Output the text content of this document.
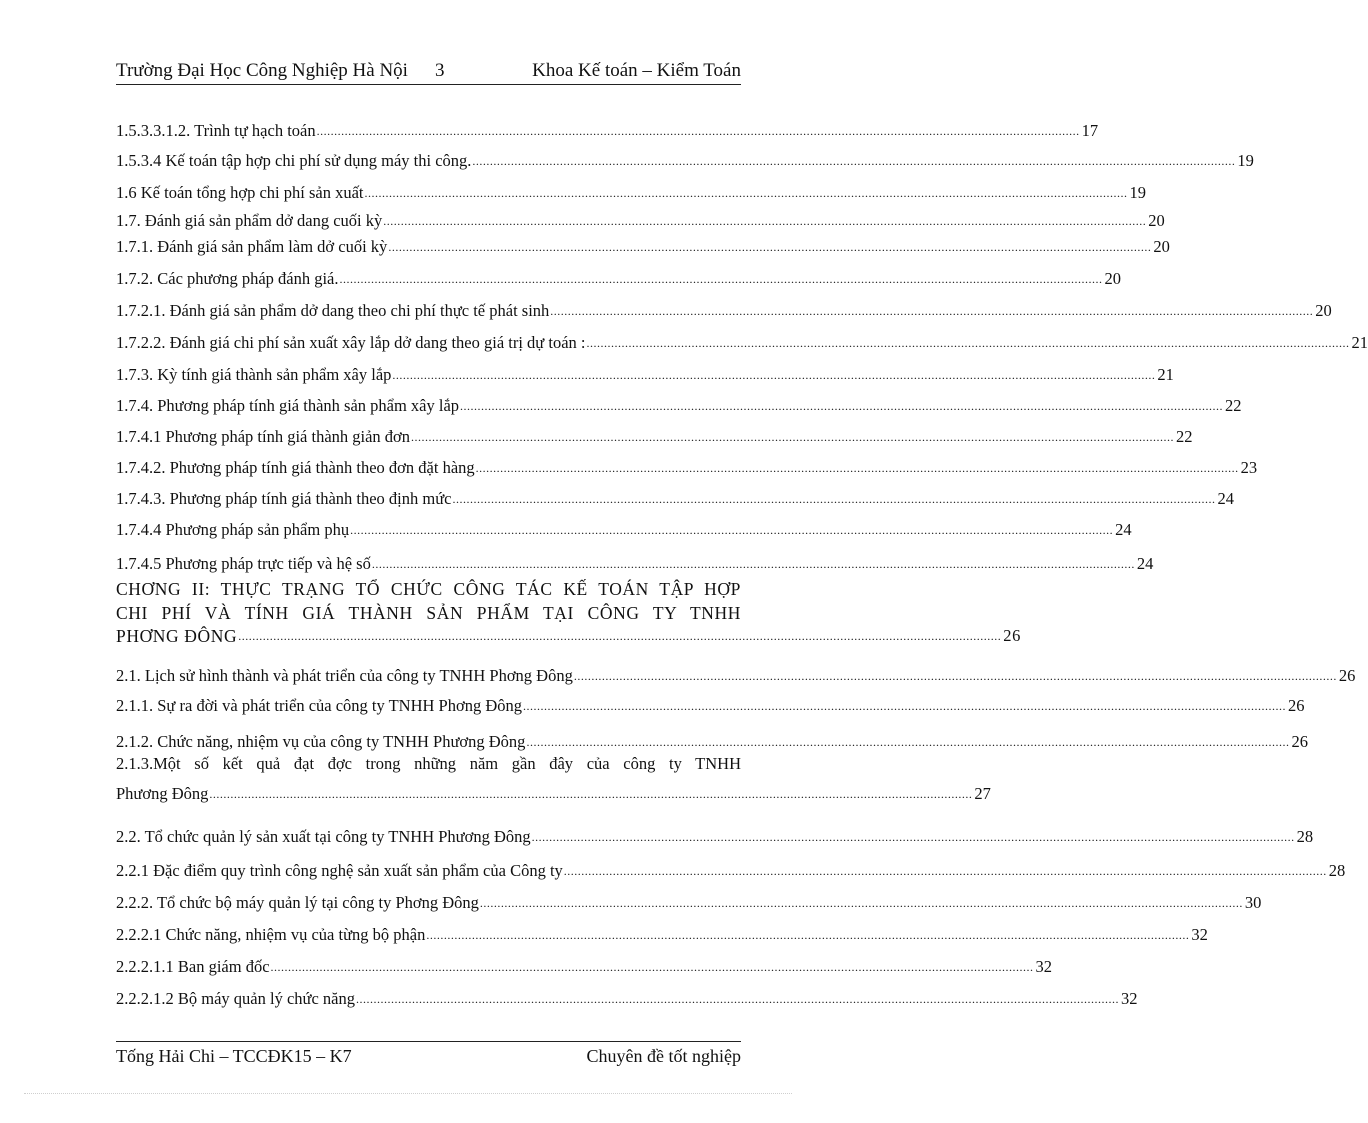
Trường Đại Học Công Nghiệp Hà Nội 3	Khoa Kế toán – Kiểm Toán
1.5.3.3.1.2. Trình tự hạch toán .....	17
1.5.3.4 Kế toán tập hợp chi phí sử dụng máy thi công. .....	19
1.6 Kế toán tổng hợp chi phí sản xuất .....	19
1.7. Đánh giá sản phẩm dở dang cuối kỳ .....	20
1.7.1. Đánh giá sản phẩm làm dở cuối kỳ .....	20
1.7.2. Các phương pháp đánh giá. .....	20
1.7.2.1. Đánh giá sản phẩm dở dang theo chi phí thực tế phát sinh .....	20
1.7.2.2. Đánh giá chi phí sản xuất xây lắp dở dang theo giá trị dự toán : .....	21
1.7.3. Kỳ tính giá thành sản phẩm xây lắp .....	21
1.7.4. Phương pháp tính giá thành sản phẩm xây lắp .....	22
1.7.4.1 Phương pháp tính giá thành giản đơn .....	22
1.7.4.2. Phương pháp tính giá thành theo đơn đặt hàng .....	23
1.7.4.3. Phương pháp tính giá thành theo định mức .....	24
1.7.4.4 Phương pháp sản phẩm phụ .....	24
1.7.4.5 Phương pháp trực tiếp và hệ số .....	24
CHƠNG II: THỰC TRẠNG TỔ CHỨC CÔNG TÁC KẾ TOÁN TẬP HỢP
CHI PHÍ VÀ TÍNH GIÁ THÀNH SẢN PHẨM TẠI CÔNG TY TNHH
PHƠNG ĐÔNG .....	26
2.1. Lịch sử hình thành và phát triển của công ty TNHH Phơng Đông .....	26
2.1.1. Sự ra đời và phát triển của công ty TNHH Phơng Đông .....	26
2.1.2. Chức năng, nhiệm vụ của công ty TNHH Phương Đông .....	26
2.1.3.Một số kết quả đạt đợc trong những năm gần đây của công ty TNHH
Phương Đông .....	27
2.2. Tổ chức quản lý sản xuất tại công ty TNHH Phương Đông .....	28
2.2.1 Đặc điểm quy trình công nghệ sản xuất sản phẩm của Công ty .....	28
2.2.2. Tổ chức bộ máy quản lý tại công ty Phơng Đông .....	30
2.2.2.1 Chức năng, nhiệm vụ của từng bộ phận .....	32
2.2.2.1.1 Ban giám đốc .....	32
2.2.2.1.2 Bộ máy quản lý chức năng .....	32
Tống Hải Chi – TCCĐK15 – K7	Chuyên đề tốt nghiệp
